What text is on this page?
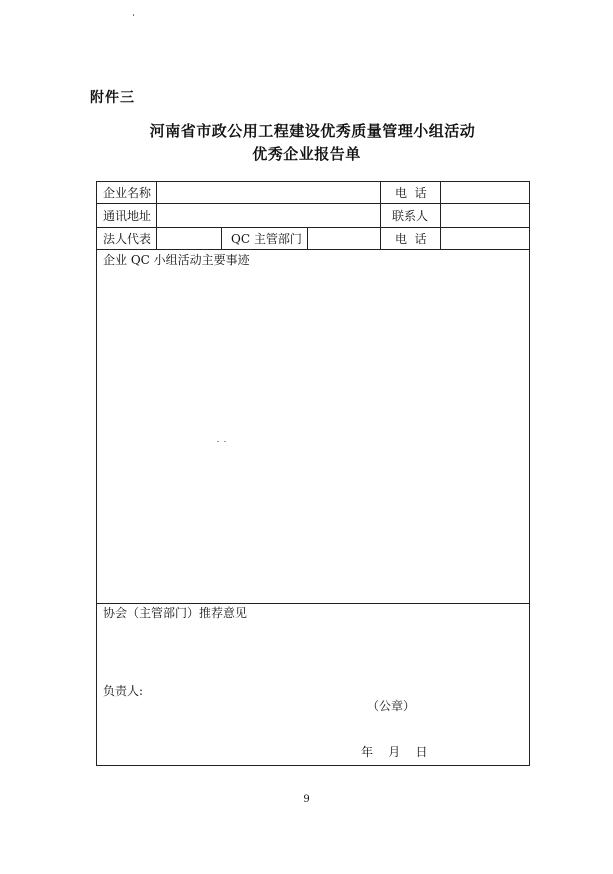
附件三
河南省市政公用工程建设优秀质量管理小组活动
优秀企业报告单
企业名称	电  话
通讯地址	联系人
法人代表	QC 主管部门	电  话
企业 QC 小组活动主要事迹
协会（主管部门）推荐意见
负责人:
（公章）
年    月    日
9
